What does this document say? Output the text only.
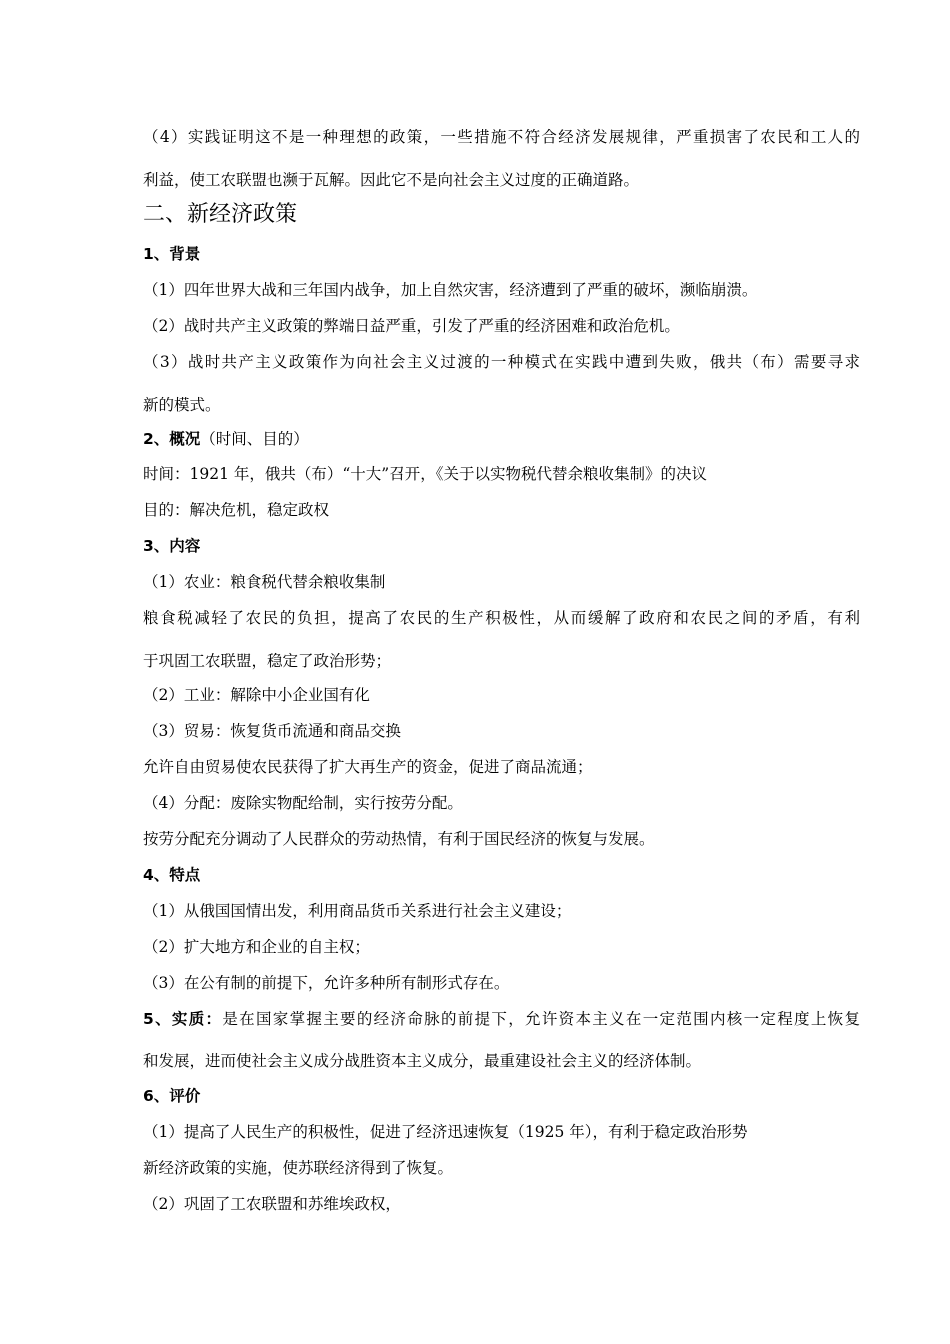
（4）实践证明这不是一种理想的政策，一些措施不符合经济发展规律，严重损害了农民和工人的
利益，使工农联盟也濒于瓦解。因此它不是向社会主义过度的正确道路。
二、新经济政策
1、背景
（1）四年世界大战和三年国内战争，加上自然灾害，经济遭到了严重的破坏，濒临崩溃。
（2）战时共产主义政策的弊端日益严重，引发了严重的经济困难和政治危机。
（3）战时共产主义政策作为向社会主义过渡的一种模式在实践中遭到失败，俄共（布）需要寻求
新的模式。
2、概况（时间、目的）
时间：1921 年，俄共（布）“十大”召开，《关于以实物税代替余粮收集制》的决议
目的：解决危机，稳定政权
3、内容
（1）农业：粮食税代替余粮收集制
粮食税减轻了农民的负担，提高了农民的生产积极性，从而缓解了政府和农民之间的矛盾，有利
于巩固工农联盟，稳定了政治形势；
（2）工业：解除中小企业国有化
（3）贸易：恢复货币流通和商品交换
允许自由贸易使农民获得了扩大再生产的资金，促进了商品流通；
（4）分配：废除实物配给制，实行按劳分配。
按劳分配充分调动了人民群众的劳动热情，有利于国民经济的恢复与发展。
4、特点
（1）从俄国国情出发，利用商品货币关系进行社会主义建设；
（2）扩大地方和企业的自主权；
（3）在公有制的前提下，允许多种所有制形式存在。
5、实质：是在国家掌握主要的经济命脉的前提下，允许资本主义在一定范围内核一定程度上恢复
和发展，进而使社会主义成分战胜资本主义成分，最重建设社会主义的经济体制。
6、评价
（1）提高了人民生产的积极性，促进了经济迅速恢复（1925 年），有利于稳定政治形势
新经济政策的实施，使苏联经济得到了恢复。
（2）巩固了工农联盟和苏维埃政权，
